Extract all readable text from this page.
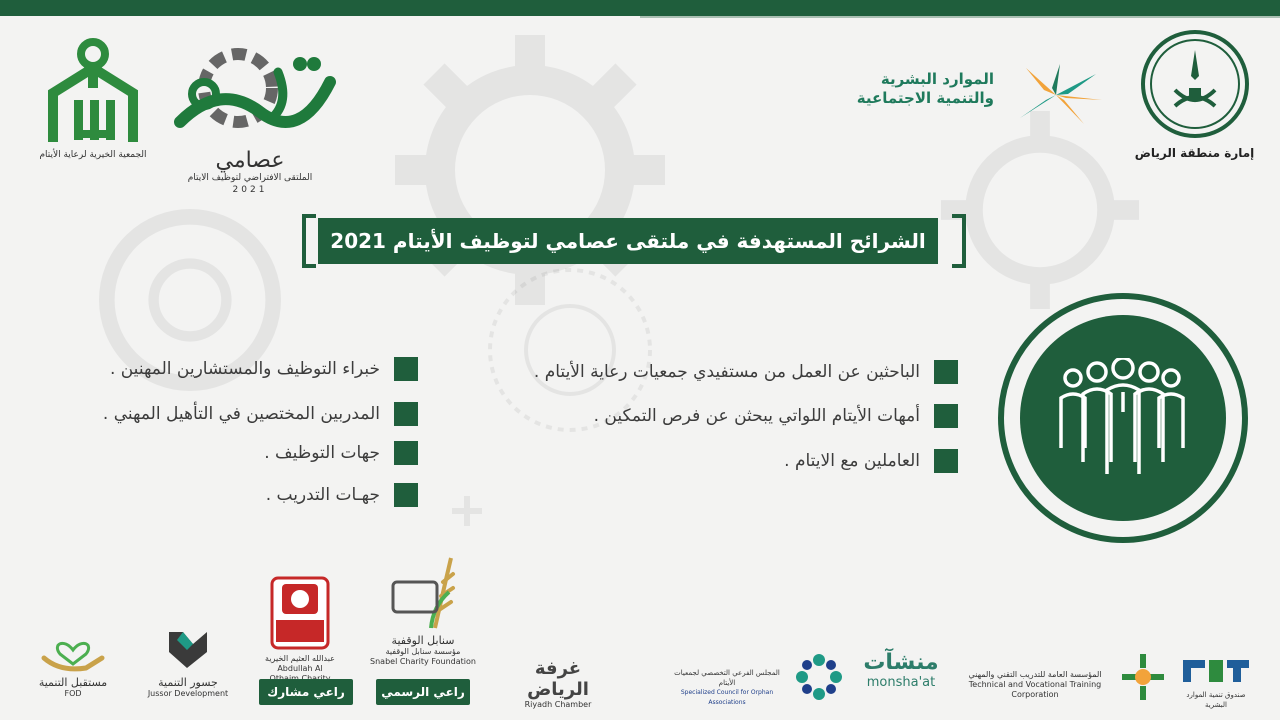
الجمعية الخيرية لرعاية الأيتام	عصامي
الملتقى الافتراضي لتوظيف الايتام
2021
الموارد البشرية
والتنمية الاجتماعية
إمارة منطقة الرياض
الشرائح المستهدفة في ملتقى عصامي لتوظيف الأيتام 2021
الباحثين عن العمل من مستفيدي جمعيات رعاية الأيتام .
أمهات الأيتام اللواتي يبحثن عن فرص التمكين .
العاملين مع الايتام .
خبراء التوظيف والمستشارين المهنين .
المدربين المختصين في التأهيل المهني .
جهات التوظيف .
جهـات التدريب .
مستقبل التنمية
FOD
جسور التنمية
Jussor Development
عبدالله العثيم الخيرية
Abdullah Al
راعي مشارك
سنابل الوقفية
مؤسسة سنابل الوقفية
Snabel Charity Foundation
راعي الرسمي
غرفة الرياض
Riyadh Chamber
المجلس الفرعي التخصصي لجمعيات الأيتام
Specialized Council for Orphan Associations
منشآت
monsha'at
المؤسسة العامة للتدريب التقني والمهني
Technical and Vocational Training Corporation	صندوق تنمية الموارد البشرية
